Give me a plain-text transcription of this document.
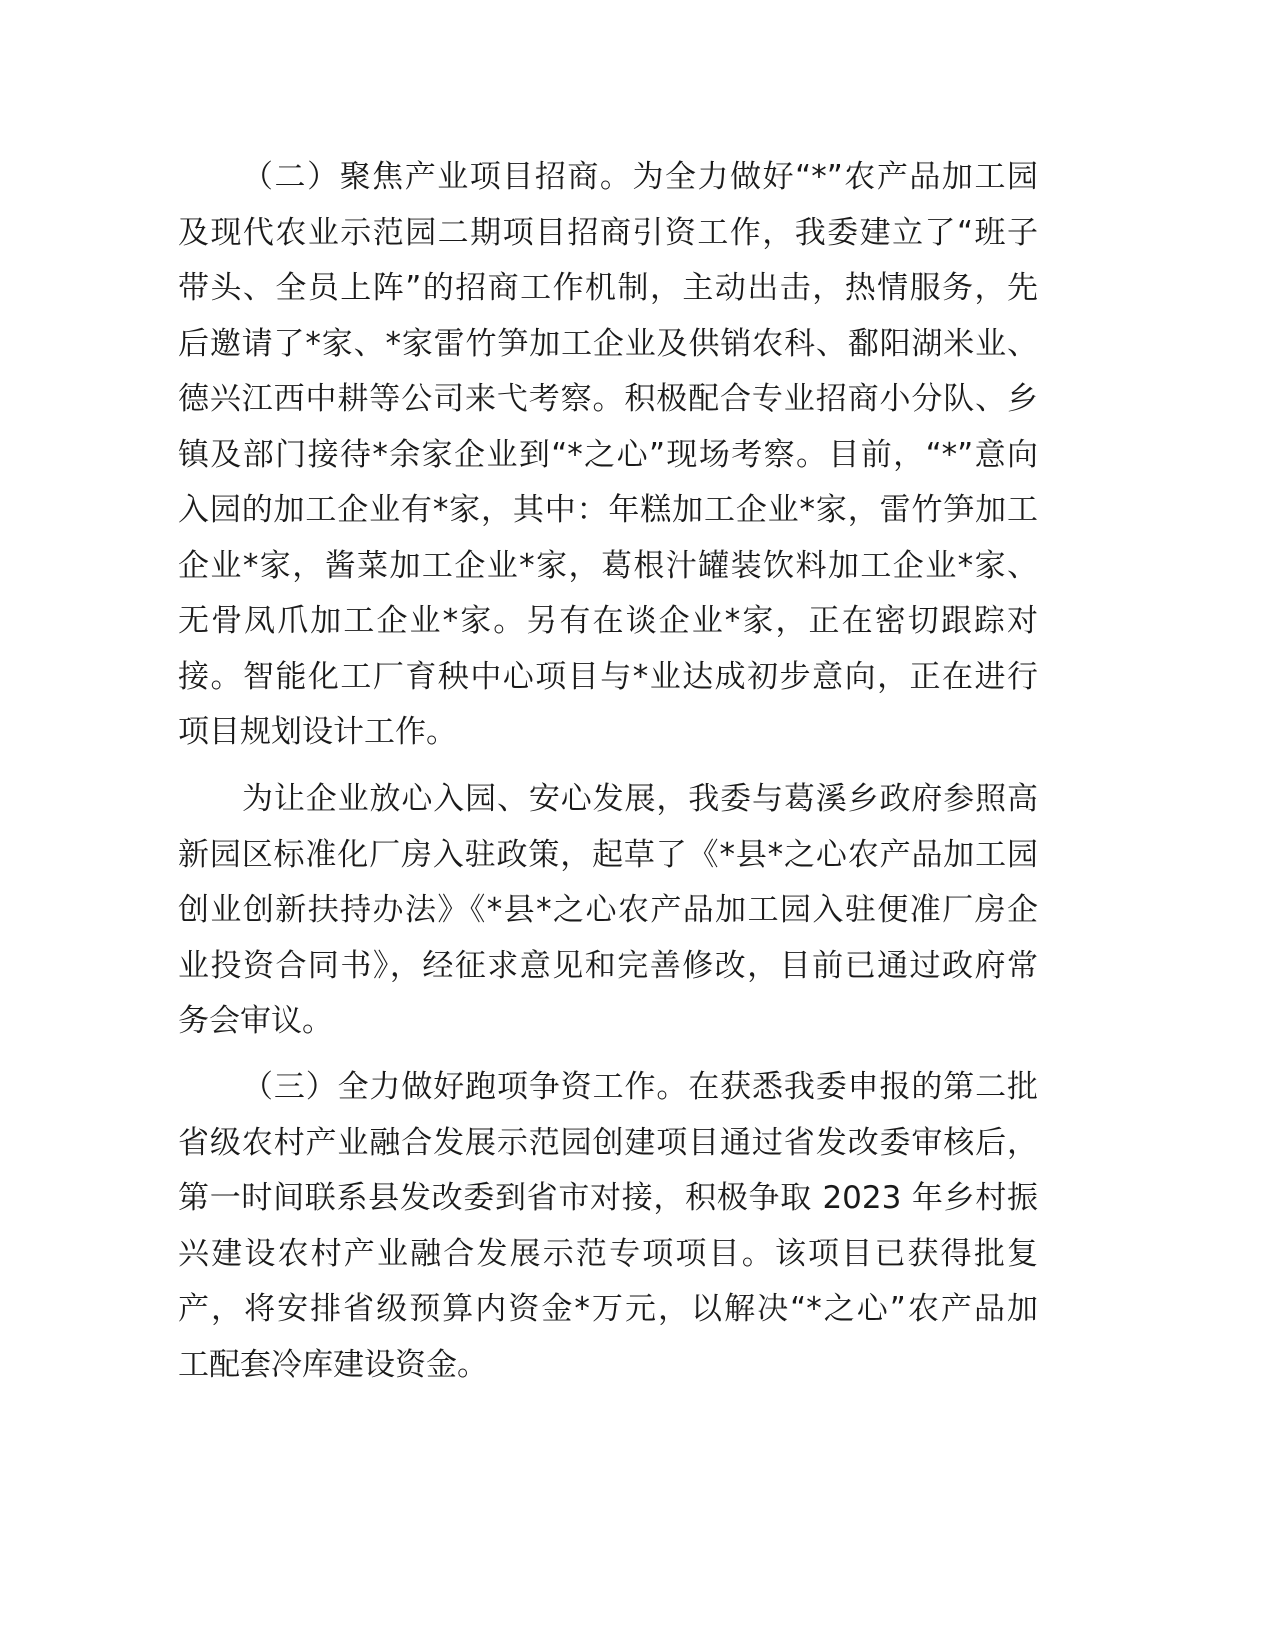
（二）聚焦产业项目招商。为全力做好“*”农产品加工园
及现代农业示范园二期项目招商引资工作，我委建立了“班子
带头、全员上阵”的招商工作机制，主动出击，热情服务，先
后邀请了*家、*家雷竹笋加工企业及供销农科、鄱阳湖米业、
德兴江西中耕等公司来弋考察。积极配合专业招商小分队、乡
镇及部门接待*余家企业到“*之心”现场考察。目前，“*”意向
入园的加工企业有*家，其中：年糕加工企业*家，雷竹笋加工
企业*家，酱菜加工企业*家，葛根汁罐装饮料加工企业*家、
无骨凤爪加工企业*家。另有在谈企业*家，正在密切跟踪对
接。智能化工厂育秧中心项目与*业达成初步意向，正在进行
项目规划设计工作。
为让企业放心入园、安心发展，我委与葛溪乡政府参照高
新园区标准化厂房入驻政策，起草了《*县*之心农产品加工园
创业创新扶持办法》《*县*之心农产品加工园入驻便准厂房企
业投资合同书》，经征求意见和完善修改，目前已通过政府常
务会审议。
（三）全力做好跑项争资工作。在获悉我委申报的第二批
省级农村产业融合发展示范园创建项目通过省发改委审核后，
第一时间联系县发改委到省市对接，积极争取 2023 年乡村振
兴建设农村产业融合发展示范专项项目。该项目已获得批复
产，将安排省级预算内资金*万元，以解决“*之心”农产品加
工配套冷库建设资金。
